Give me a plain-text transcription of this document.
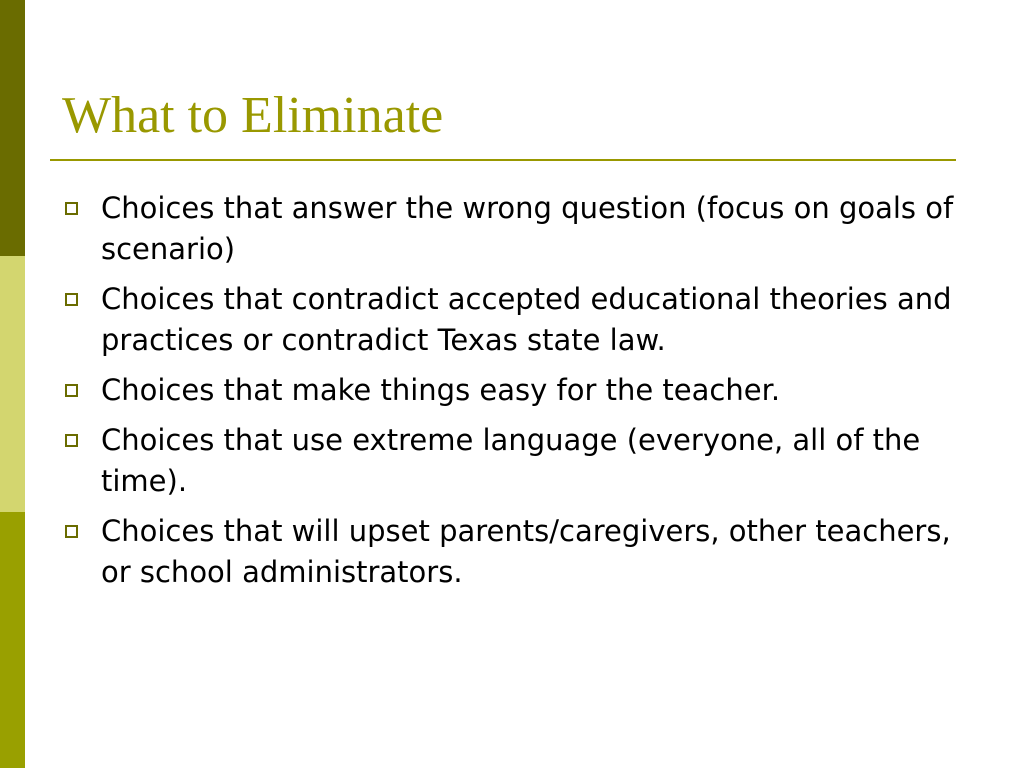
What to Eliminate
Choices that answer the wrong question (focus on goals of scenario)
Choices that contradict accepted educational theories and practices or contradict Texas state law.
Choices that make things easy for the teacher.
Choices that use extreme language (everyone, all of the time).
Choices that will upset parents/caregivers, other teachers, or school administrators.
